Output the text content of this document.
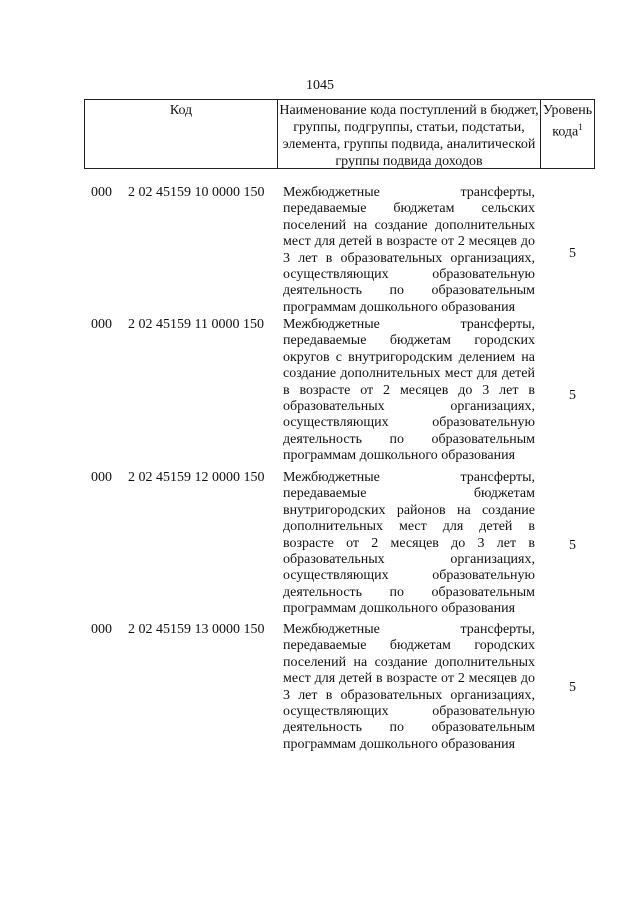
1045
Код	Наименование кода поступлений в бюджет, группы, подгруппы, статьи, подстатьи, элемента, группы подвида, аналитической группы подвида доходов
Уровень кода$^1$
000 2 02 45159 10 0000 150 Межбюджетные трансферты, передаваемые бюджетам сельских поселений на создание дополнительных мест для детей в возрасте от 2 месяцев до 3 лет в образовательных организациях, осуществляющих образовательную деятельность по образовательным программам дошкольного образования
5
000 2 02 45159 11 0000 150 Межбюджетные трансферты, передаваемые бюджетам городских округов с внутригородским делением на создание дополнительных мест для детей в возрасте от 2 месяцев до 3 лет в образовательных организациях, осуществляющих образовательную деятельность по образовательным программам дошкольного образования
5
000 2 02 45159 12 0000 150 Межбюджетные трансферты, передаваемые бюджетам внутригородских районов на создание дополнительных мест для детей в возрасте от 2 месяцев до 3 лет в образовательных организациях, осуществляющих образовательную деятельность по образовательным программам дошкольного образования
5
000 2 02 45159 13 0000 150 Межбюджетные трансферты, передаваемые бюджетам городских поселений на создание дополнительных мест для детей в возрасте от 2 месяцев до 3 лет в образовательных организациях, осуществляющих образовательную деятельность по образовательным программам дошкольного образования
5
